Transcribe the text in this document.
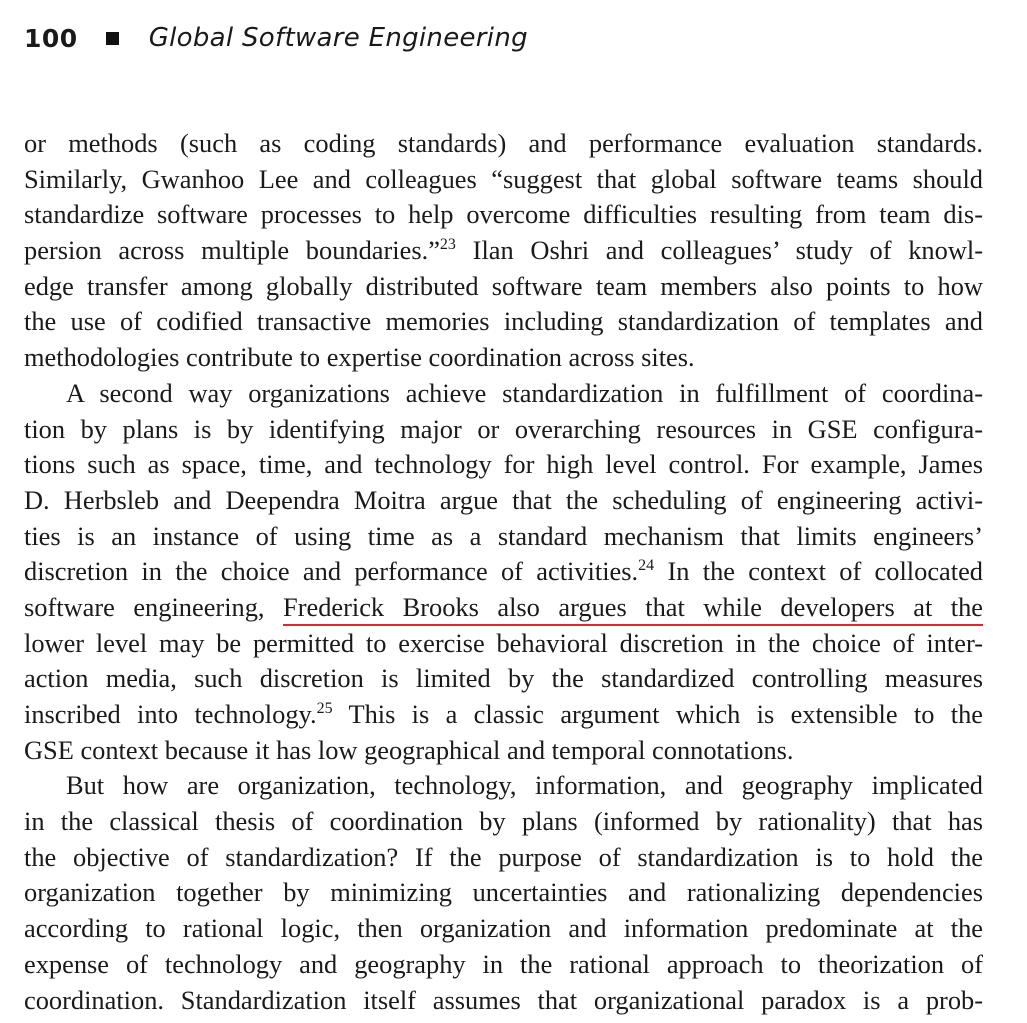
100	Global Software Engineering
or methods (such as coding standards) and performance evaluation standards.
Similarly, Gwanhoo Lee and colleagues “suggest that global software teams should
standardize software processes to help overcome difficulties resulting from team dis-
persion across multiple boundaries.”$^{23}$ Ilan Oshri and colleagues’ study of knowl-
edge transfer among globally distributed software team members also points to how
the use of codified transactive memories including standardization of templates and
methodologies contribute to expertise coordination across sites.
A second way organizations achieve standardization in fulfillment of coordina-
tion by plans is by identifying major or overarching resources in GSE configura-
tions such as space, time, and technology for high level control. For example, James
D. Herbsleb and Deependra Moitra argue that the scheduling of engineering activi-
ties is an instance of using time as a standard mechanism that limits engineers’
discretion in the choice and performance of activities.$^{24}$ In the context of collocated
software engineering, Frederick Brooks also argues that while developers at the
lower level may be permitted to exercise behavioral discretion in the choice of inter-
action media, such discretion is limited by the standardized controlling measures
inscribed into technology.$^{25}$ This is a classic argument which is extensible to the
GSE context because it has low geographical and temporal connotations.
But how are organization, technology, information, and geography implicated
in the classical thesis of coordination by plans (informed by rationality) that has
the objective of standardization? If the purpose of standardization is to hold the
organization together by minimizing uncertainties and rationalizing dependencies
according to rational logic, then organization and information predominate at the
expense of technology and geography in the rational approach to theorization of
coordination. Standardization itself assumes that organizational paradox is a prob-
